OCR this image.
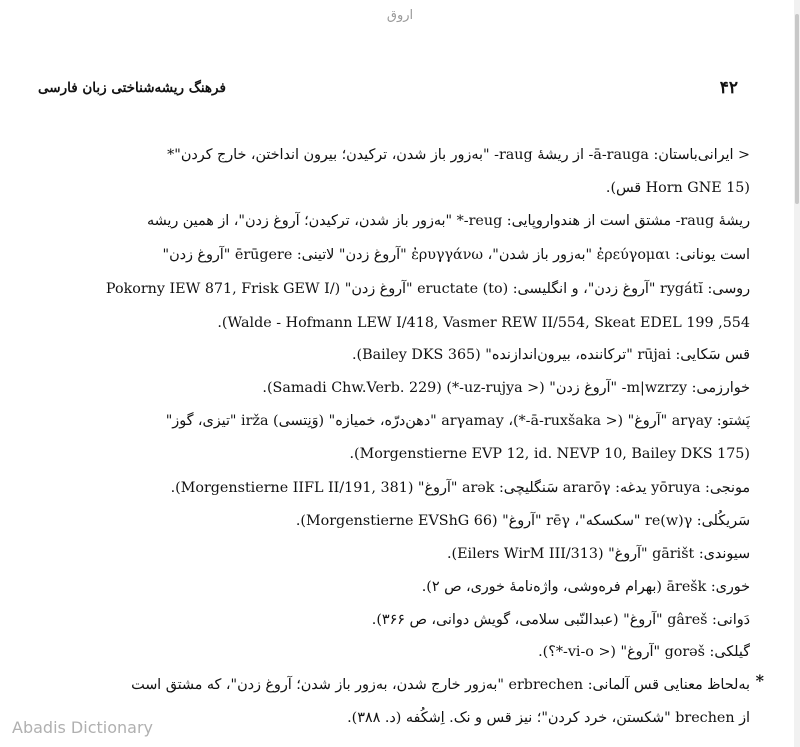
اروق
۴۲
فرهنگ ریشه‌شناختی زبان فارسی
< ایرانی‌باستان: ā-rauga- از ریشهٔ raug- "به‌زور باز شدن، ترکیدن؛ بیرون انداختن، خارج کردن"*
(Horn GNE 15 قس).
ریشهٔ raug- مشتق است از هندواروپایی: reug-* "به‌زور باز شدن، ترکیدن؛ آروغ زدن"، از همین ریشه
است یونانی: ἐρεύγομαι "به‌زور باز شدن"، ἐρυγγάνω "آروغ زدن" لاتینی: ērūgere "آروغ زدن"
روسی: rygátĭ "آروغ زدن"، و انگلیسی: (to) eructate "آروغ زدن" (/Pokorny IEW 871, Frisk GEW I
554, Walde - Hofmann LEW I/418, Vasmer REW II/554, Skeat EDEL 199).
قس سَکایی: rūjai "ترکاننده، بیرون‌اندازنده" (Bailey DKS 365).
خوارزمی: m|wzrzy- "آروغ زدن" (< uz-rujya-*) (Samadi Chw.Verb. 229).
پَشتو: arγay "آروغ" (< ā-ruxšaka-*)، arγamay "دهن‌درّه، خمیازه" (وَنِتسی) irža "تیزی، گوز"
(Morgenstierne EVP 12, id. NEVP 10, Bailey DKS 175).
مونجی: yōruya یدغه: ararōγ سَنگلیچی: arək "آروغ" (Morgenstierne IIFL II/191, 381).
سَریکُلی: re(w)γ "سکسکه"، rēγ "آروغ" (Morgenstierne EVShG 66).
سیوندی: gārišt "آروغ" (Eilers WirM III/313).
خوری: ārešk (بهرام فره‌وشی، واژه‌نامهٔ خوری، ص ۲).
دَوانی: gâreš "آروغ" (عبدالنّبی سلامی، گویش دوانی، ص ۳۶۶).
گیلکی: gorəš "آروغ" (< vi-o-*؟).
به‌لحاظ معنایی قس آلمانی: erbrechen "به‌زور خارج شدن، به‌زور باز شدن؛ آروغ زدن"، که مشتق است
از brechen "شکستن، خرد کردن"؛ نیز قس و نک. اِشکُفه (د. ۳۸۸).
*
Abadis Dictionary
